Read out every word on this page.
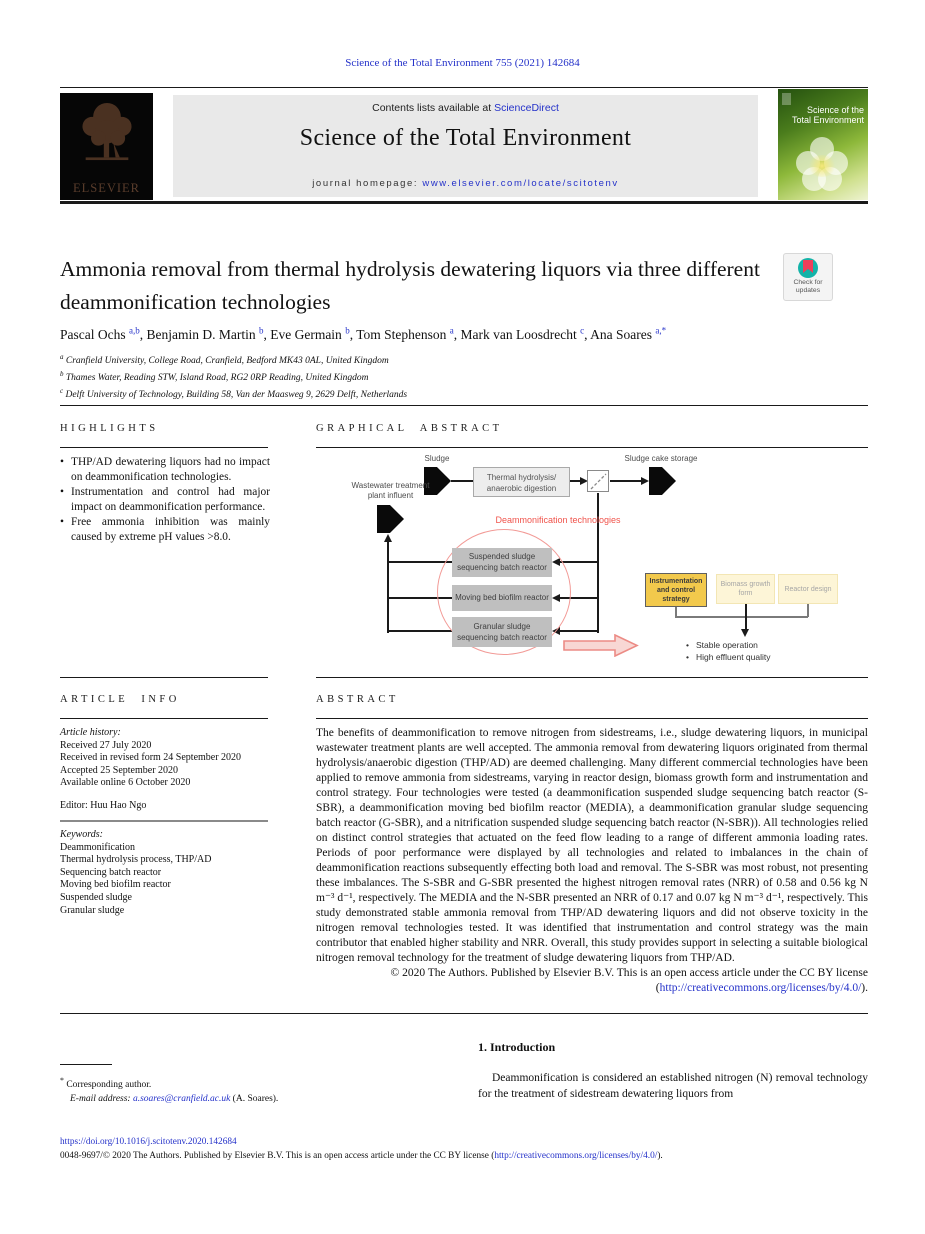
Science of the Total Environment 755 (2021) 142684
ELSEVIER
Contents lists available at ScienceDirect
Science of the Total Environment
journal homepage: www.elsevier.com/locate/scitotenv
Science of the Total Environment
Ammonia removal from thermal hydrolysis dewatering liquors via three different deammonification technologies
Check for updates
Pascal Ochs $^{a,b}$, Benjamin D. Martin $^b$, Eve Germain $^b$, Tom Stephenson $^a$, Mark van Loosdrecht $^c$, Ana Soares $^{a,*}$
$^a$ Cranfield University, College Road, Cranfield, Bedford MK43 0AL, United Kingdom
$^b$ Thames Water, Reading STW, Island Road, RG2 0RP Reading, United Kingdom
$^c$ Delft University of Technology, Building 58, Van der Maasweg 9, 2629 Delft, Netherlands
HIGHLIGHTS
• THP/AD dewatering liquors had no impact on deammonification technologies.
• Instrumentation and control had major impact on deammonification performance.
• Free ammonia inhibition was mainly caused by extreme pH values >8.0.
GRAPHICAL ABSTRACT
Sludge
Thermal hydrolysis/
anaerobic digestion
Sludge cake storage
Wastewater treatment plant influent
Deammonification technologies
Suspended sludge sequencing batch reactor
Moving bed biofilm reactor
Granular sludge sequencing batch reactor
Instrumentation and control strategy
Biomass growth form
Reactor design
• Stable operation
• High effluent quality
ARTICLE INFO
Article history:
Received 27 July 2020
Received in revised form 24 September 2020
Accepted 25 September 2020
Available online 6 October 2020
Editor: Huu Hao Ngo
Keywords:
Deammonification
Thermal hydrolysis process, THP/AD
Sequencing batch reactor
Moving bed biofilm reactor
Suspended sludge
Granular sludge
ABSTRACT

The benefits of deammonification to remove nitrogen from sidestreams, i.e., sludge dewatering liquors, in municipal wastewater treatment plants are well accepted. The ammonia removal from dewatering liquors originated from thermal hydrolysis/anaerobic digestion (THP/AD) are deemed challenging. Many different commercial technologies have been applied to remove ammonia from sidestreams, varying in reactor design, biomass growth form and instrumentation and control strategy. Four technologies were tested (a deammonification suspended sludge sequencing batch reactor (S-SBR), a deammonification moving bed biofilm reactor (MEDIA), a deammonification granular sludge sequencing batch reactor (G-SBR), and a nitrification suspended sludge sequencing batch reactor (N-SBR)). All technologies relied on distinct control strategies that actuated on the feed flow leading to a range of different ammonia loading rates. Periods of poor performance were displayed by all technologies and related to imbalances in the chain of deammonification reactions subsequently effecting both load and removal. The S-SBR was most robust, not presenting these imbalances. The S-SBR and G-SBR presented the highest nitrogen removal rates (NRR) of 0.58 and 0.56 kg N m⁻³ d⁻¹, respectively. The MEDIA and the N-SBR presented an NRR of 0.17 and 0.07 kg N m⁻³ d⁻¹, respectively. This study demonstrated stable ammonia removal from THP/AD dewatering liquors and did not observe toxicity in the nitrogen removal technologies tested. It was identified that instrumentation and control strategy was the main contributor that enabled higher stability and NRR. Overall, this study provides support in selecting a suitable biological nitrogen removal technology for the treatment of sludge dewatering liquors from THP/AD.

© 2020 The Authors. Published by Elsevier B.V. This is an open access article under the CC BY license (http://creativecommons.org/licenses/by/4.0/).
1. Introduction
Deammonification is considered an established nitrogen (N) removal technology for the treatment of sidestream dewatering liquors from
* Corresponding author.
E-mail address: a.soares@cranfield.ac.uk (A. Soares).
https://doi.org/10.1016/j.scitotenv.2020.142684
0048-9697/© 2020 The Authors. Published by Elsevier B.V. This is an open access article under the CC BY license (http://creativecommons.org/licenses/by/4.0/).
